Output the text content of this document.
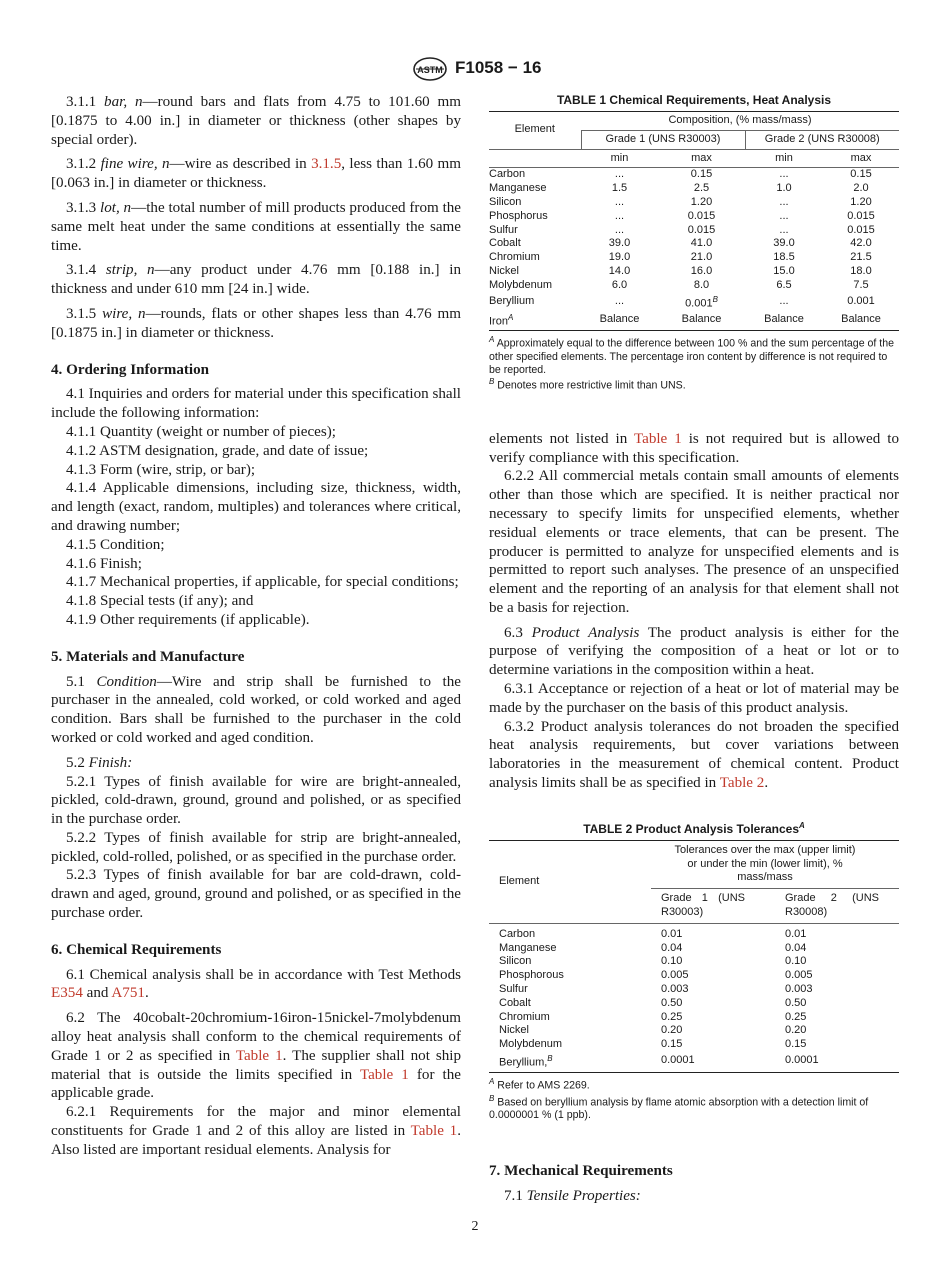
ASTM F1058 − 16

3.1.1 bar, n—round bars and flats from 4.75 to 101.60 mm [0.1875 to 4.00 in.] in diameter or thickness (other shapes by special order).

3.1.2 fine wire, n—wire as described in 3.1.5, less than 1.60 mm [0.063 in.] in diameter or thickness.

3.1.3 lot, n—the total number of mill products produced from the same melt heat under the same conditions at essentially the same time.

3.1.4 strip, n—any product under 4.76 mm [0.188 in.] in thickness and under 610 mm [24 in.] wide.

3.1.5 wire, n—rounds, flats or other shapes less than 4.76 mm [0.1875 in.] in diameter or thickness.

4. Ordering Information

4.1 Inquiries and orders for material under this specification shall include the following information:

4.1.1 Quantity (weight or number of pieces);

4.1.2 ASTM designation, grade, and date of issue;

4.1.3 Form (wire, strip, or bar);

4.1.4 Applicable dimensions, including size, thickness, width, and length (exact, random, multiples) and tolerances where critical, and drawing number;

4.1.5 Condition;

4.1.6 Finish;

4.1.7 Mechanical properties, if applicable, for special conditions;

4.1.8 Special tests (if any); and

4.1.9 Other requirements (if applicable).

5. Materials and Manufacture

5.1 Condition—Wire and strip shall be furnished to the purchaser in the annealed, cold worked, or cold worked and aged condition. Bars shall be furnished to the purchaser in the cold worked or cold worked and aged condition.

5.2 Finish:

5.2.1 Types of finish available for wire are bright-annealed, pickled, cold-drawn, ground, ground and polished, or as specified in the purchase order.

5.2.2 Types of finish available for strip are bright-annealed, pickled, cold-rolled, polished, or as specified in the purchase order.

5.2.3 Types of finish available for bar are cold-drawn, cold-drawn and aged, ground, ground and polished, or as specified in the purchase order.

6. Chemical Requirements

6.1 Chemical analysis shall be in accordance with Test Methods E354 and A751.

6.2 The 40cobalt-20chromium-16iron-15nickel-7molybdenum alloy heat analysis shall conform to the chemical requirements of Grade 1 or 2 as specified in Table 1. The supplier shall not ship material that is outside the limits specified in Table 1 for the applicable grade.

6.2.1 Requirements for the major and minor elemental constituents for Grade 1 and 2 of this alloy are listed in Table 1. Also listed are important residual elements. Analysis for

TABLE 1 Chemical Requirements, Heat Analysis

Element	Composition, (% mass/mass)			
	Grade 1 (UNS R30003)		Grade 2 (UNS R30008)	
	min	max	min	max
Carbon	...	0.15	...	0.15
Manganese	1.5	2.5	1.0	2.0
Silicon	...	1.20	...	1.20
Phosphorus	...	0.015	...	0.015
Sulfur	...	0.015	...	0.015
Cobalt	39.0	41.0	39.0	42.0
Chromium	19.0	21.0	18.5	21.5
Nickel	14.0	16.0	15.0	18.0
Molybdenum	6.0	8.0	6.5	7.5
Beryllium	...	$0.001^B$	...	0.001
Iron$^A$	Balance	Balance	Balance	Balance

$^A$ Approximately equal to the difference between 100 % and the sum percentage of the other specified elements. The percentage iron content by difference is not required to be reported.

$^B$ Denotes more restrictive limit than UNS.

elements not listed in Table 1 is not required but is allowed to verify compliance with this specification.

6.2.2 All commercial metals contain small amounts of elements other than those which are specified. It is neither practical nor necessary to specify limits for unspecified elements, whether residual elements or trace elements, that can be present. The producer is permitted to analyze for unspecified elements and is permitted to report such analyses. The presence of an unspecified element and the reporting of an analysis for that element shall not be a basis for rejection.

6.3 Product Analysis The product analysis is either for the purpose of verifying the composition of a heat or lot or to determine variations in the composition within a heat.

6.3.1 Acceptance or rejection of a heat or lot of material may be made by the purchaser on the basis of this product analysis.

6.3.2 Product analysis tolerances do not broaden the specified heat analysis requirements, but cover variations between laboratories in the measurement of chemical content. Product analysis limits shall be as specified in Table 2.

TABLE 2 Product Analysis Tolerances$^A$

Element	Tolerances over the max (upper limit) or under the min (lower limit), % mass/mass	
	Grade 1 (UNS R30003)	Grade 2 (UNS R30008)

Carbon	0.01	0.01
Manganese	0.04	0.04
Silicon	0.10	0.10
Phosphorous	0.005	0.005
Sulfur	0.003	0.003
Cobalt	0.50	0.50
Chromium	0.25	0.25
Nickel	0.20	0.20
Molybdenum	0.15	0.15
Beryllium,$^B$	0.0001	0.0001

$^A$ Refer to AMS 2269.

$^B$ Based on beryllium analysis by flame atomic absorption with a detection limit of 0.0000001 % (1 ppb).

7. Mechanical Requirements

7.1 Tensile Properties:

2
